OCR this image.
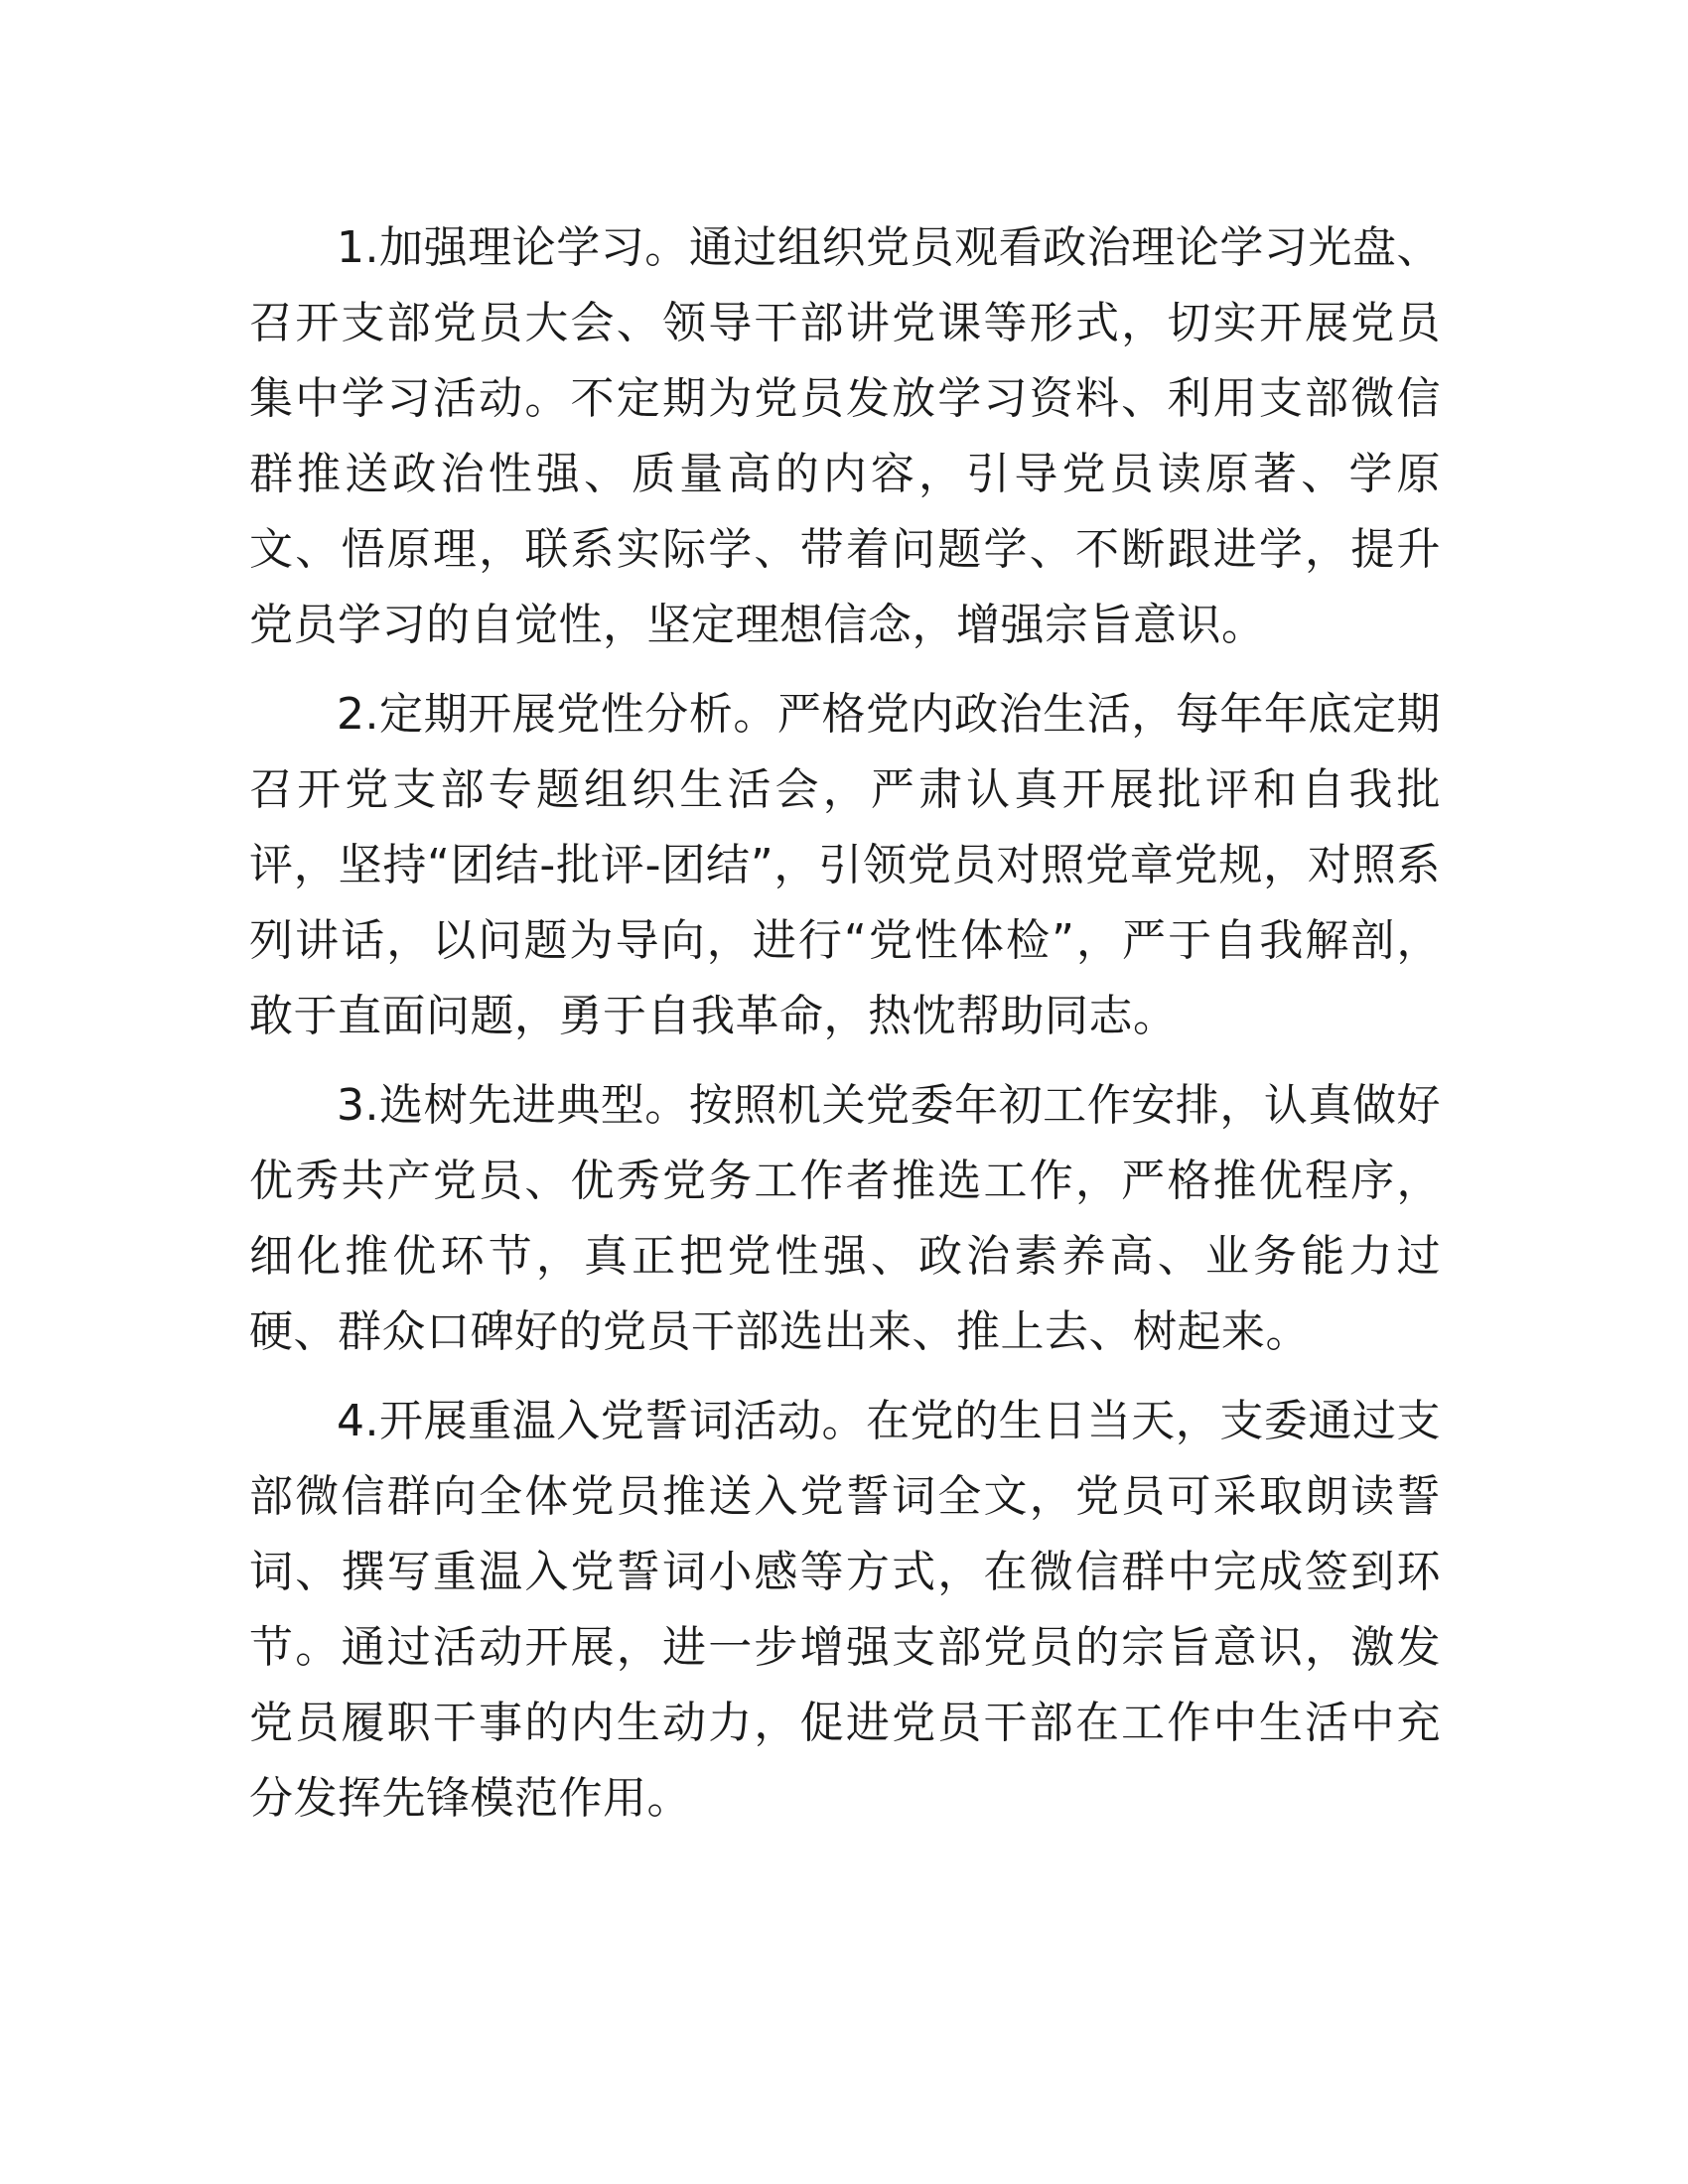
1.加强理论学习。通过组织党员观看政治理论学习光盘、召开支部党员大会、领导干部讲党课等形式，切实开展党员集中学习活动。不定期为党员发放学习资料、利用支部微信群推送政治性强、质量高的内容，引导党员读原著、学原文、悟原理，联系实际学、带着问题学、不断跟进学，提升党员学习的自觉性，坚定理想信念，增强宗旨意识。

2.定期开展党性分析。严格党内政治生活，每年年底定期召开党支部专题组织生活会，严肃认真开展批评和自我批评，坚持“团结-批评-团结”，引领党员对照党章党规，对照系列讲话，以问题为导向，进行“党性体检”，严于自我解剖，敢于直面问题，勇于自我革命，热忱帮助同志。

3.选树先进典型。按照机关党委年初工作安排，认真做好优秀共产党员、优秀党务工作者推选工作，严格推优程序，细化推优环节，真正把党性强、政治素养高、业务能力过硬、群众口碑好的党员干部选出来、推上去、树起来。

4.开展重温入党誓词活动。在党的生日当天，支委通过支部微信群向全体党员推送入党誓词全文，党员可采取朗读誓词、撰写重温入党誓词小感等方式，在微信群中完成签到环节。通过活动开展，进一步增强支部党员的宗旨意识，激发党员履职干事的内生动力，促进党员干部在工作中生活中充分发挥先锋模范作用。
